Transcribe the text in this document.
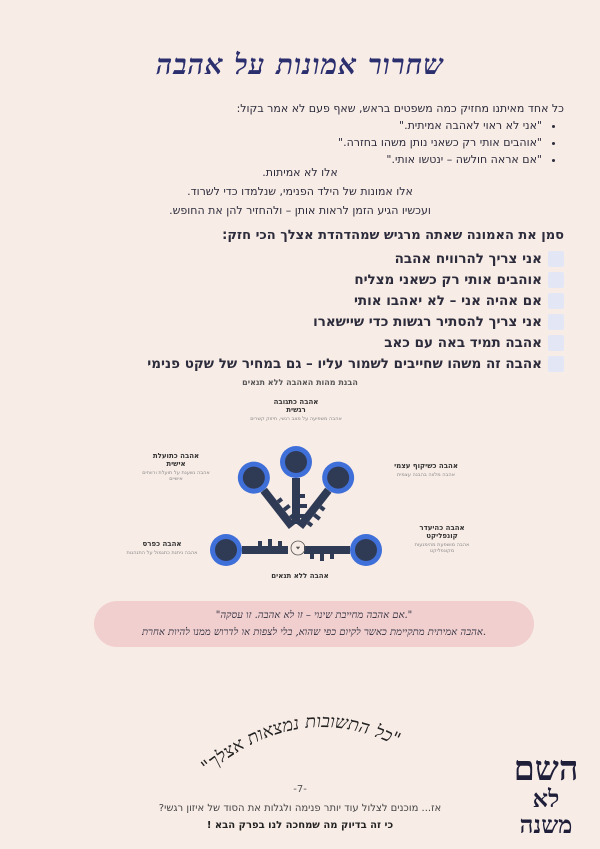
שחרור אמונות על אהבה
כל אחד מאיתנו מחזיק כמה משפטים בראש, שאף פעם לא אמר בקול:
• "אני לא ראוי לאהבה אמיתית."
• "אוהבים אותי רק כשאני נותן משהו בחזרה."
• "אם אראה חולשה – ינטשו אותי."
אלו לא אמיתות.
אלו אמונות של הילד הפנימי, שנלמדו כדי לשרוד.
ועכשיו הגיע הזמן לראות אותן – ולהחזיר להן את החופש.
סמן את האמונה שאתה מרגיש שמהדהדת אצלך הכי חזק:
אני צריך להרוויח אהבה
אוהבים אותי רק כשאני מצליח
אם אהיה אני – לא יאהבו אותי
אני צריך להסתיר רגשות כדי שיישארו
אהבה תמיד באה עם כאב
אהבה זה משהו שחייבים לשמור עליו – גם במחיר של שקט פנימי
הבנת מהות האהבה ללא תנאים
אהבה כתגובה
רגשית
אהבה משפיעה על מצב רגשי, חיזוק קשרים
אהבה כשיקוף עצמי
אהבה מלווה בהבנה עצמית
אהבה כתועלת
אישית
אהבה נשענת על תועלת ורווחים אישיים
אהבה כהיעדר
קונפליקט
אהבה מושפעת מהימנעות מקונפליקט
אהבה כפרס
אהבה ניתנת כתגמול על התנהגות
אהבה ללא תנאים
".אם אהבה מחייבת שינוי – זו לא אהבה. זו עסקה"
.אהבה אמיתית מתקיימת כאשר לקיום כפי שהוא, בלי לצפות או לדרוש ממנו להיות אחרת
"כל התשובות נמצאות אצלך"
-7-
אז... מוכנים לצלול עוד יותר פנימה ולגלות את הסוד של איזון רגשי?
כי זה בדיוק מה שמחכה לנו בפרק הבא !
השם
לא משנה
